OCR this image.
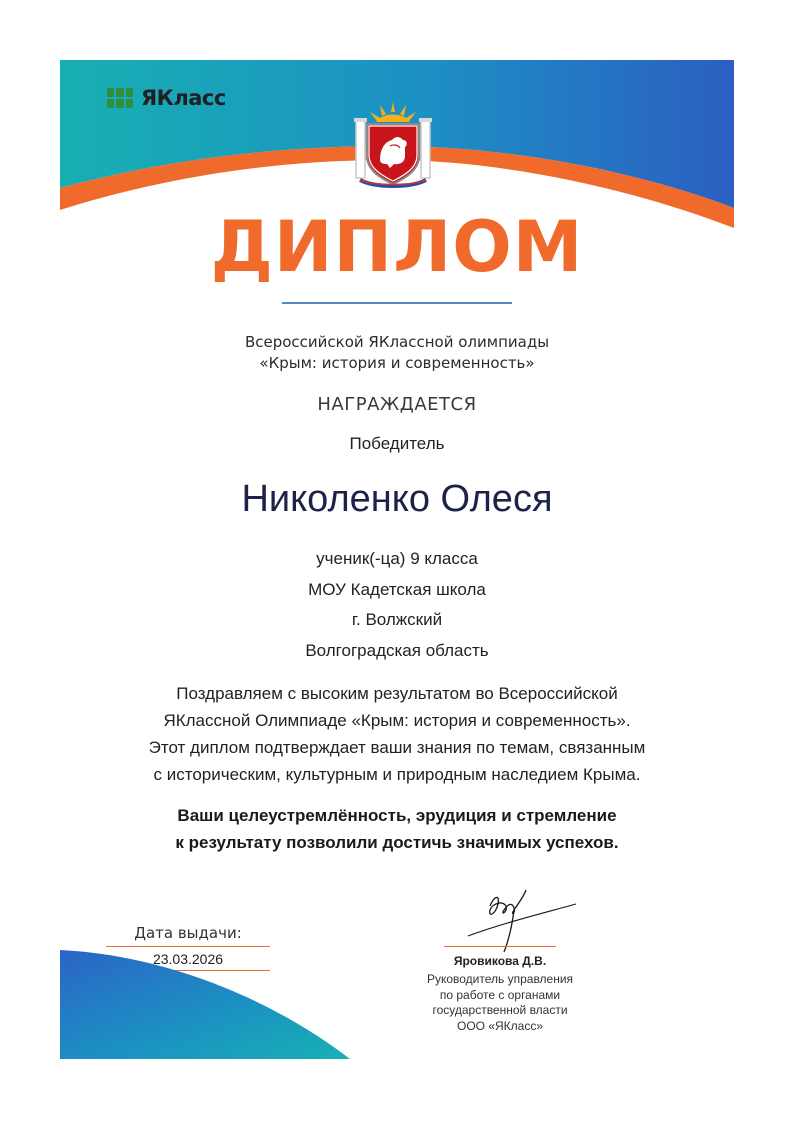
ЯКласс
ДИПЛОМ
Всероссийской ЯКлассной олимпиады
«Крым: история и современность»
НАГРАЖДАЕТСЯ
Победитель
Николенко Олеся
ученик(-ца) 9 класса
МОУ Кадетская школа
г. Волжский
Волгоградская область
Поздравляем с высоким результатом во Всероссийской
ЯКлассной Олимпиаде «Крым: история и современность».
Этот диплом подтверждает ваши знания по темам, связанным
с историческим, культурным и природным наследием Крыма.
Ваши целеустремлённость, эрудиция и стремление
к результату позволили достичь значимых успехов.
Дата выдачи:
23.03.2026	Яровикова Д.В.
Руководитель управления
по работе с органами
государственной власти
ООО «ЯКласс»
